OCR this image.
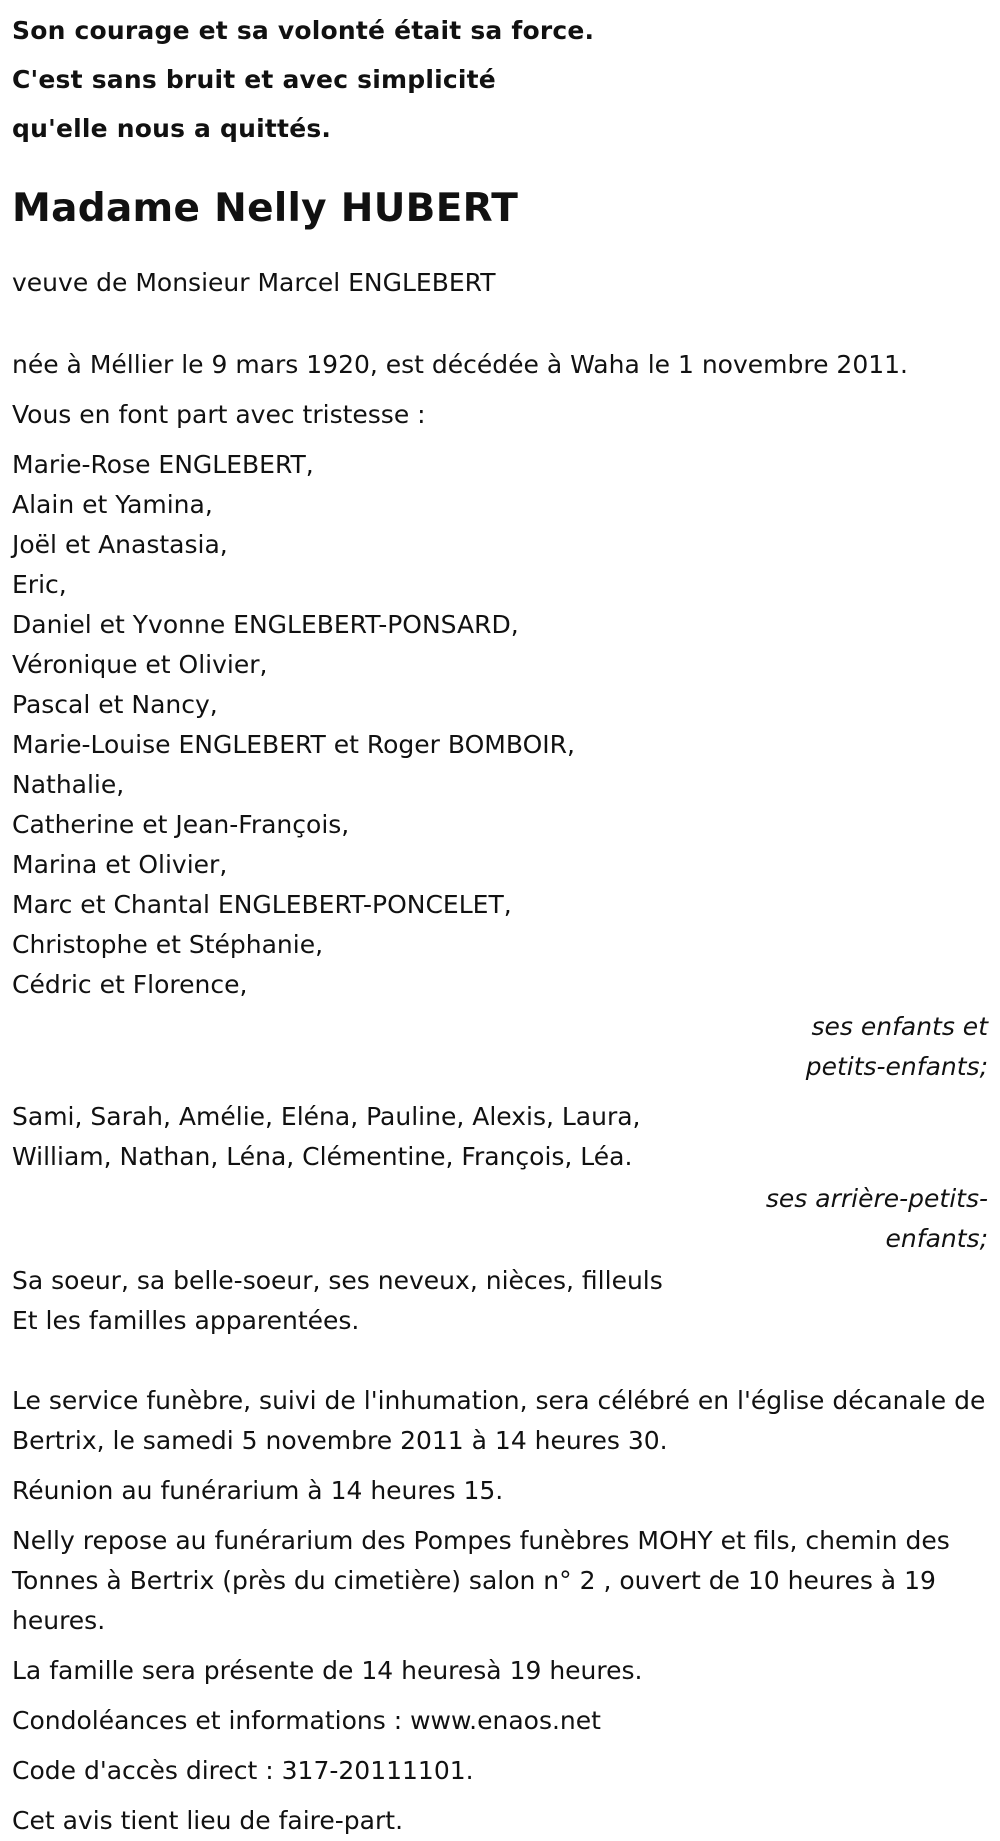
Son courage et sa volonté était sa force.

C'est sans bruit et avec simplicité

qu'elle nous a quittés.

Madame Nelly HUBERT

veuve de Monsieur Marcel ENGLEBERT

née à Méllier le 9 mars 1920, est décédée à Waha le 1 novembre 2011.

Vous en font part avec tristesse :

Marie-Rose ENGLEBERT,

Alain et Yamina,

Joël et Anastasia,

Eric,

Daniel et Yvonne ENGLEBERT-PONSARD,

Véronique et Olivier,

Pascal et Nancy,

Marie-Louise ENGLEBERT et Roger BOMBOIR,

Nathalie,

Catherine et Jean-François,

Marina et Olivier,

Marc et Chantal ENGLEBERT-PONCELET,

Christophe et Stéphanie,

Cédric et Florence,

ses enfants et petits-enfants;

Sami, Sarah, Amélie, Eléna, Pauline, Alexis, Laura,

William, Nathan, Léna, Clémentine, François, Léa.

ses arrière-petits-enfants;

Sa soeur, sa belle-soeur, ses neveux, nièces, filleuls

Et les familles apparentées.

Le service funèbre, suivi de l'inhumation, sera célébré en l'église décanale de Bertrix, le samedi 5 novembre 2011 à 14 heures 30.

Réunion au funérarium à 14 heures 15.

Nelly repose au funérarium des Pompes funèbres MOHY et fils, chemin des Tonnes à Bertrix (près du cimetière) salon n° 2 , ouvert de 10 heures à 19 heures.

La famille sera présente de 14 heuresà 19 heures.

Condoléances et informations : www.enaos.net

Code d'accès direct : 317-20111101.

Cet avis tient lieu de faire-part.
